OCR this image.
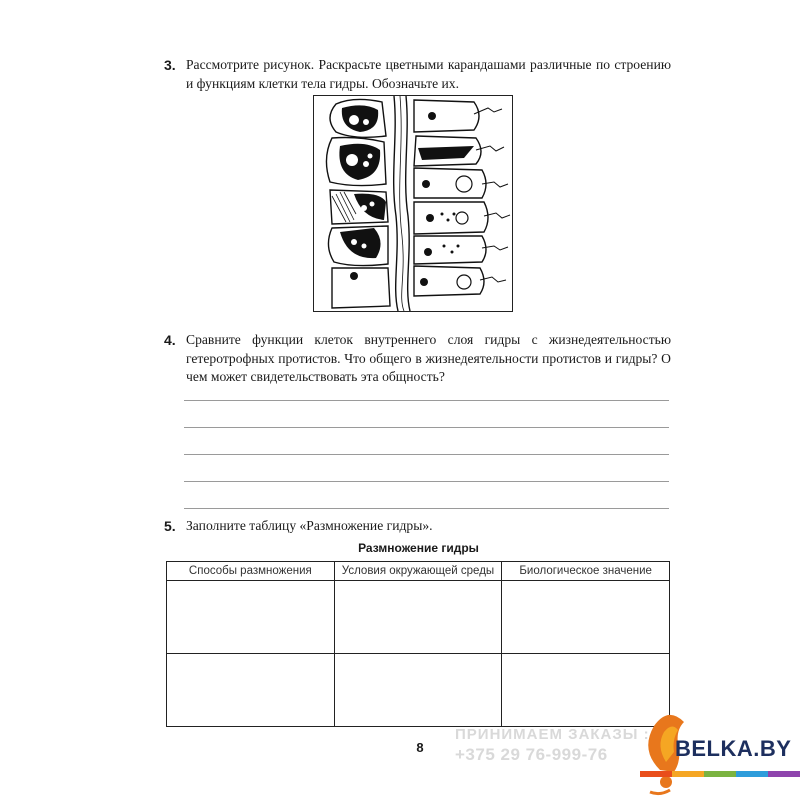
3. Рассмотрите рисунок. Раскрасьте цветными карандашами различные по строению и функциям клетки тела гидры. Обозначьте их.
4. Сравните функции клеток внутреннего слоя гидры с жизнедеятельностью гетеротрофных протистов. Что общего в жизнедеятельности протистов и гидры? О чем может свидетельствовать эта общность?
5. Заполните таблицу «Размножение гидры».
Размножение гидры
Способы размножения	Условия окружающей среды	Биологическое значение

8
ПРИНИМАЕМ ЗАКАЗЫ :
+375 29 76-999-76	BELKA.BY
